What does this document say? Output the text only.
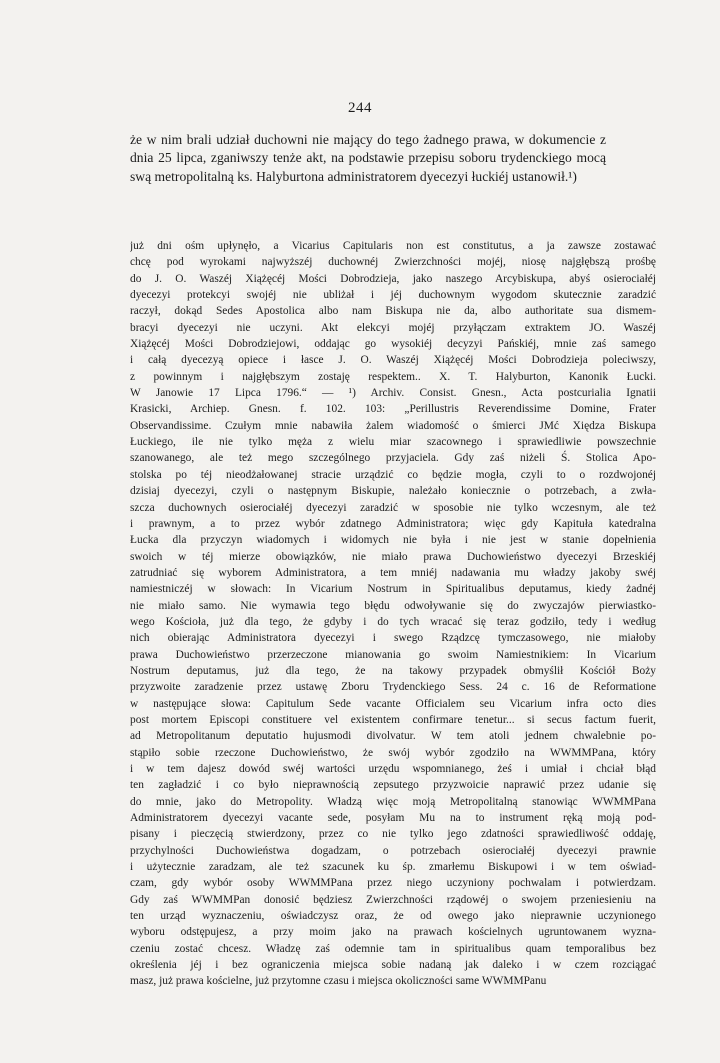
244

że w nim brali udział duchowni nie mający do tego żadnego prawa, w dokumencie z dnia 25 lipca, zganiwszy tenże akt, na podstawie przepisu soboru trydenckiego mocą swą metropolitalną ks. Halyburtona administratorem dyecezyi łuckiéj ustanowił.¹)

już dni ośm upłynęło, a Vicarius Capitularis non est constitutus, a ja zawsze zostawać
chcę pod wyrokami najwyższéj duchownéj Zwierzchności mojéj, niosę najgłębszą prośbę
do J. O. Waszéj Xiążęcéj Mości Dobrodzieja, jako naszego Arcybiskupa, abyś osierociałéj
dyecezyi protekcyi swojéj nie ubliżał i jéj duchownym wygodom skutecznie zaradzić
raczył, dokąd Sedes Apostolica albo nam Biskupa nie da, albo authoritate sua dismem-
bracyi dyecezyi nie uczyni. Akt elekcyi mojéj przyłączam extraktem JO. Waszéj
Xiążęcéj Mości Dobrodziejowi, oddając go wysokiéj decyzyi Pańskiéj, mnie zaś samego
i całą dyecezyą opiece i łasce J. O. Waszéj Xiążęcéj Mości Dobrodzieja poleciwszy,
z powinnym i najgłębszym zostaję respektem.. X. T. Halyburton, Kanonik Łucki.
W Janowie 17 Lipca 1796.“ — ¹) Archiv. Consist. Gnesn., Acta postcurialia Ignatii
Krasicki, Archiep. Gnesn. f. 102. 103: „Perillustris Reverendissime Domine, Frater
Observandissime. Czułym mnie nabawiła żalem wiadomość o śmierci JMć Xiędza Biskupa
Łuckiego, ile nie tylko męża z wielu miar szacownego i sprawiedliwie powszechnie
szanowanego, ale też mego szczególnego przyjaciela. Gdy zaś niżeli Ś. Stolica Apo-
stolska po téj nieodżałowanej stracie urządzić co będzie mogła, czyli to o rozdwojonéj
dzisiaj dyecezyi, czyli o następnym Biskupie, należało koniecznie o potrzebach, a zwła-
szcza duchownych osierociałéj dyecezyi zaradzić w sposobie nie tylko wczesnym, ale też
i prawnym, a to przez wybór zdatnego Administratora; więc gdy Kapituła katedralna
Łucka dla przyczyn wiadomych i widomych nie była i nie jest w stanie dopełnienia
swoich w téj mierze obowiązków, nie miało prawa Duchowieństwo dyecezyi Brzeskiéj
zatrudniać się wyborem Administratora, a tem mniéj nadawania mu władzy jakoby swéj
namiestniczéj w słowach: In Vicarium Nostrum in Spiritualibus deputamus, kiedy żadnéj
nie miało samo. Nie wymawia tego błędu odwoływanie się do zwyczajów pierwiastko-
wego Kościoła, już dla tego, że gdyby i do tych wracać się teraz godziło, tedy i według
nich obierając Administratora dyecezyi i swego Rządzcę tymczasowego, nie miałoby
prawa Duchowieństwo przerzeczone mianowania go swoim Namiestnikiem: In Vicarium
Nostrum deputamus, już dla tego, że na takowy przypadek obmyślił Kościół Boży
przyzwoite zaradzenie przez ustawę Zboru Trydenckiego Sess. 24 c. 16 de Reformatione
w następujące słowa: Capitulum Sede vacante Officialem seu Vicarium infra octo dies
post mortem Episcopi constituere vel existentem confirmare tenetur... si secus factum fuerit,
ad Metropolitanum deputatio hujusmodi divolvatur. W tem atoli jednem chwalebnie po-
stąpiło sobie rzeczone Duchowieństwo, że swój wybór zgodziło na WWMMPana, który
i w tem dajesz dowód swéj wartości urzędu wspomnianego, żeś i umiał i chciał błąd
ten zagładzić i co było nieprawnością zepsutego przyzwoicie naprawić przez udanie się
do mnie, jako do Metropolity. Władzą więc moją Metropolitalną stanowiąc WWMMPana
Administratorem dyecezyi vacante sede, posyłam Mu na to instrument ręką moją pod-
pisany i pieczęcią stwierdzony, przez co nie tylko jego zdatności sprawiedliwość oddaję,
przychylności Duchowieństwa dogadzam, o potrzebach osierociałéj dyecezyi prawnie
i użytecznie zaradzam, ale też szacunek ku śp. zmarłemu Biskupowi i w tem oświad-
czam, gdy wybór osoby WWMMPana przez niego uczyniony pochwalam i potwierdzam.
Gdy zaś WWMMPan donosić będziesz Zwierzchności rządowéj o swojem przeniesieniu na
ten urząd wyznaczeniu, oświadczysz oraz, że od owego jako nieprawnie uczynionego
wyboru odstępujesz, a przy moim jako na prawach kościelnych ugruntowanem wyzna-
czeniu zostać chcesz. Władzę zaś odemnie tam in spiritualibus quam temporalibus bez
określenia jéj i bez ograniczenia miejsca sobie nadaną jak daleko i w czem rozciągać
masz, już prawa kościelne, już przytomne czasu i miejsca okoliczności same WWMMPanu
